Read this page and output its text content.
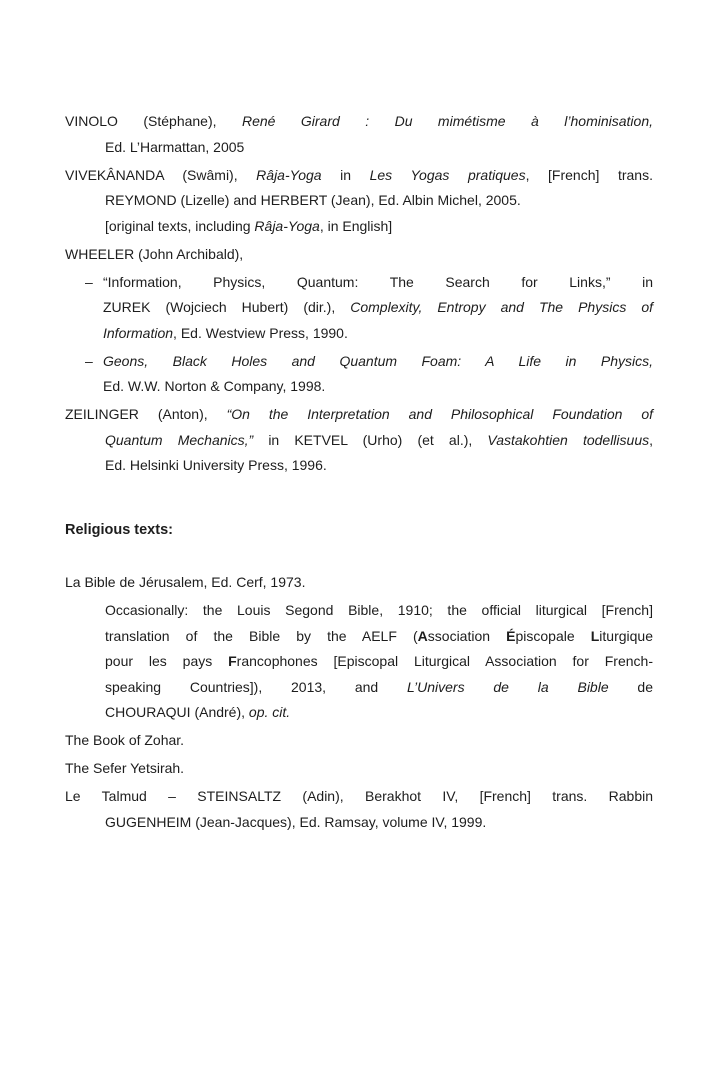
VINOLO (Stéphane), René Girard : Du mimétisme à l’hominisation,
Ed. L’Harmattan, 2005
VIVEKÂNANDA (Swâmi), Râja-Yoga in Les Yogas pratiques, [French] trans.
REYMOND (Lizelle) and HERBERT (Jean), Ed. Albin Michel, 2005.
[original texts, including Râja-Yoga, in English]
WHEELER (John Archibald),
– “Information, Physics, Quantum: The Search for Links,” in
ZUREK (Wojciech Hubert) (dir.), Complexity, Entropy and The Physics of
Information, Ed. Westview Press, 1990.
– Geons, Black Holes and Quantum Foam: A Life in Physics,
Ed. W.W. Norton & Company, 1998.
ZEILINGER (Anton), “On the Interpretation and Philosophical Foundation of
Quantum Mechanics,” in KETVEL (Urho) (et al.), Vastakohtien todellisuus,
Ed. Helsinki University Press, 1996.
Religious texts:
La Bible de Jérusalem, Ed. Cerf, 1973.
Occasionally: the Louis Segond Bible, 1910; the official liturgical [French]
translation of the Bible by the AELF (Association Épiscopale Liturgique
pour les pays Francophones [Episcopal Liturgical Association for French-
speaking Countries]), 2013, and L’Univers de la Bible de
CHOURAQUI (André), op. cit.
The Book of Zohar.
The Sefer Yetsirah.
Le Talmud – STEINSALTZ (Adin), Berakhot IV, [French] trans. Rabbin
GUGENHEIM (Jean-Jacques), Ed. Ramsay, volume IV, 1999.
